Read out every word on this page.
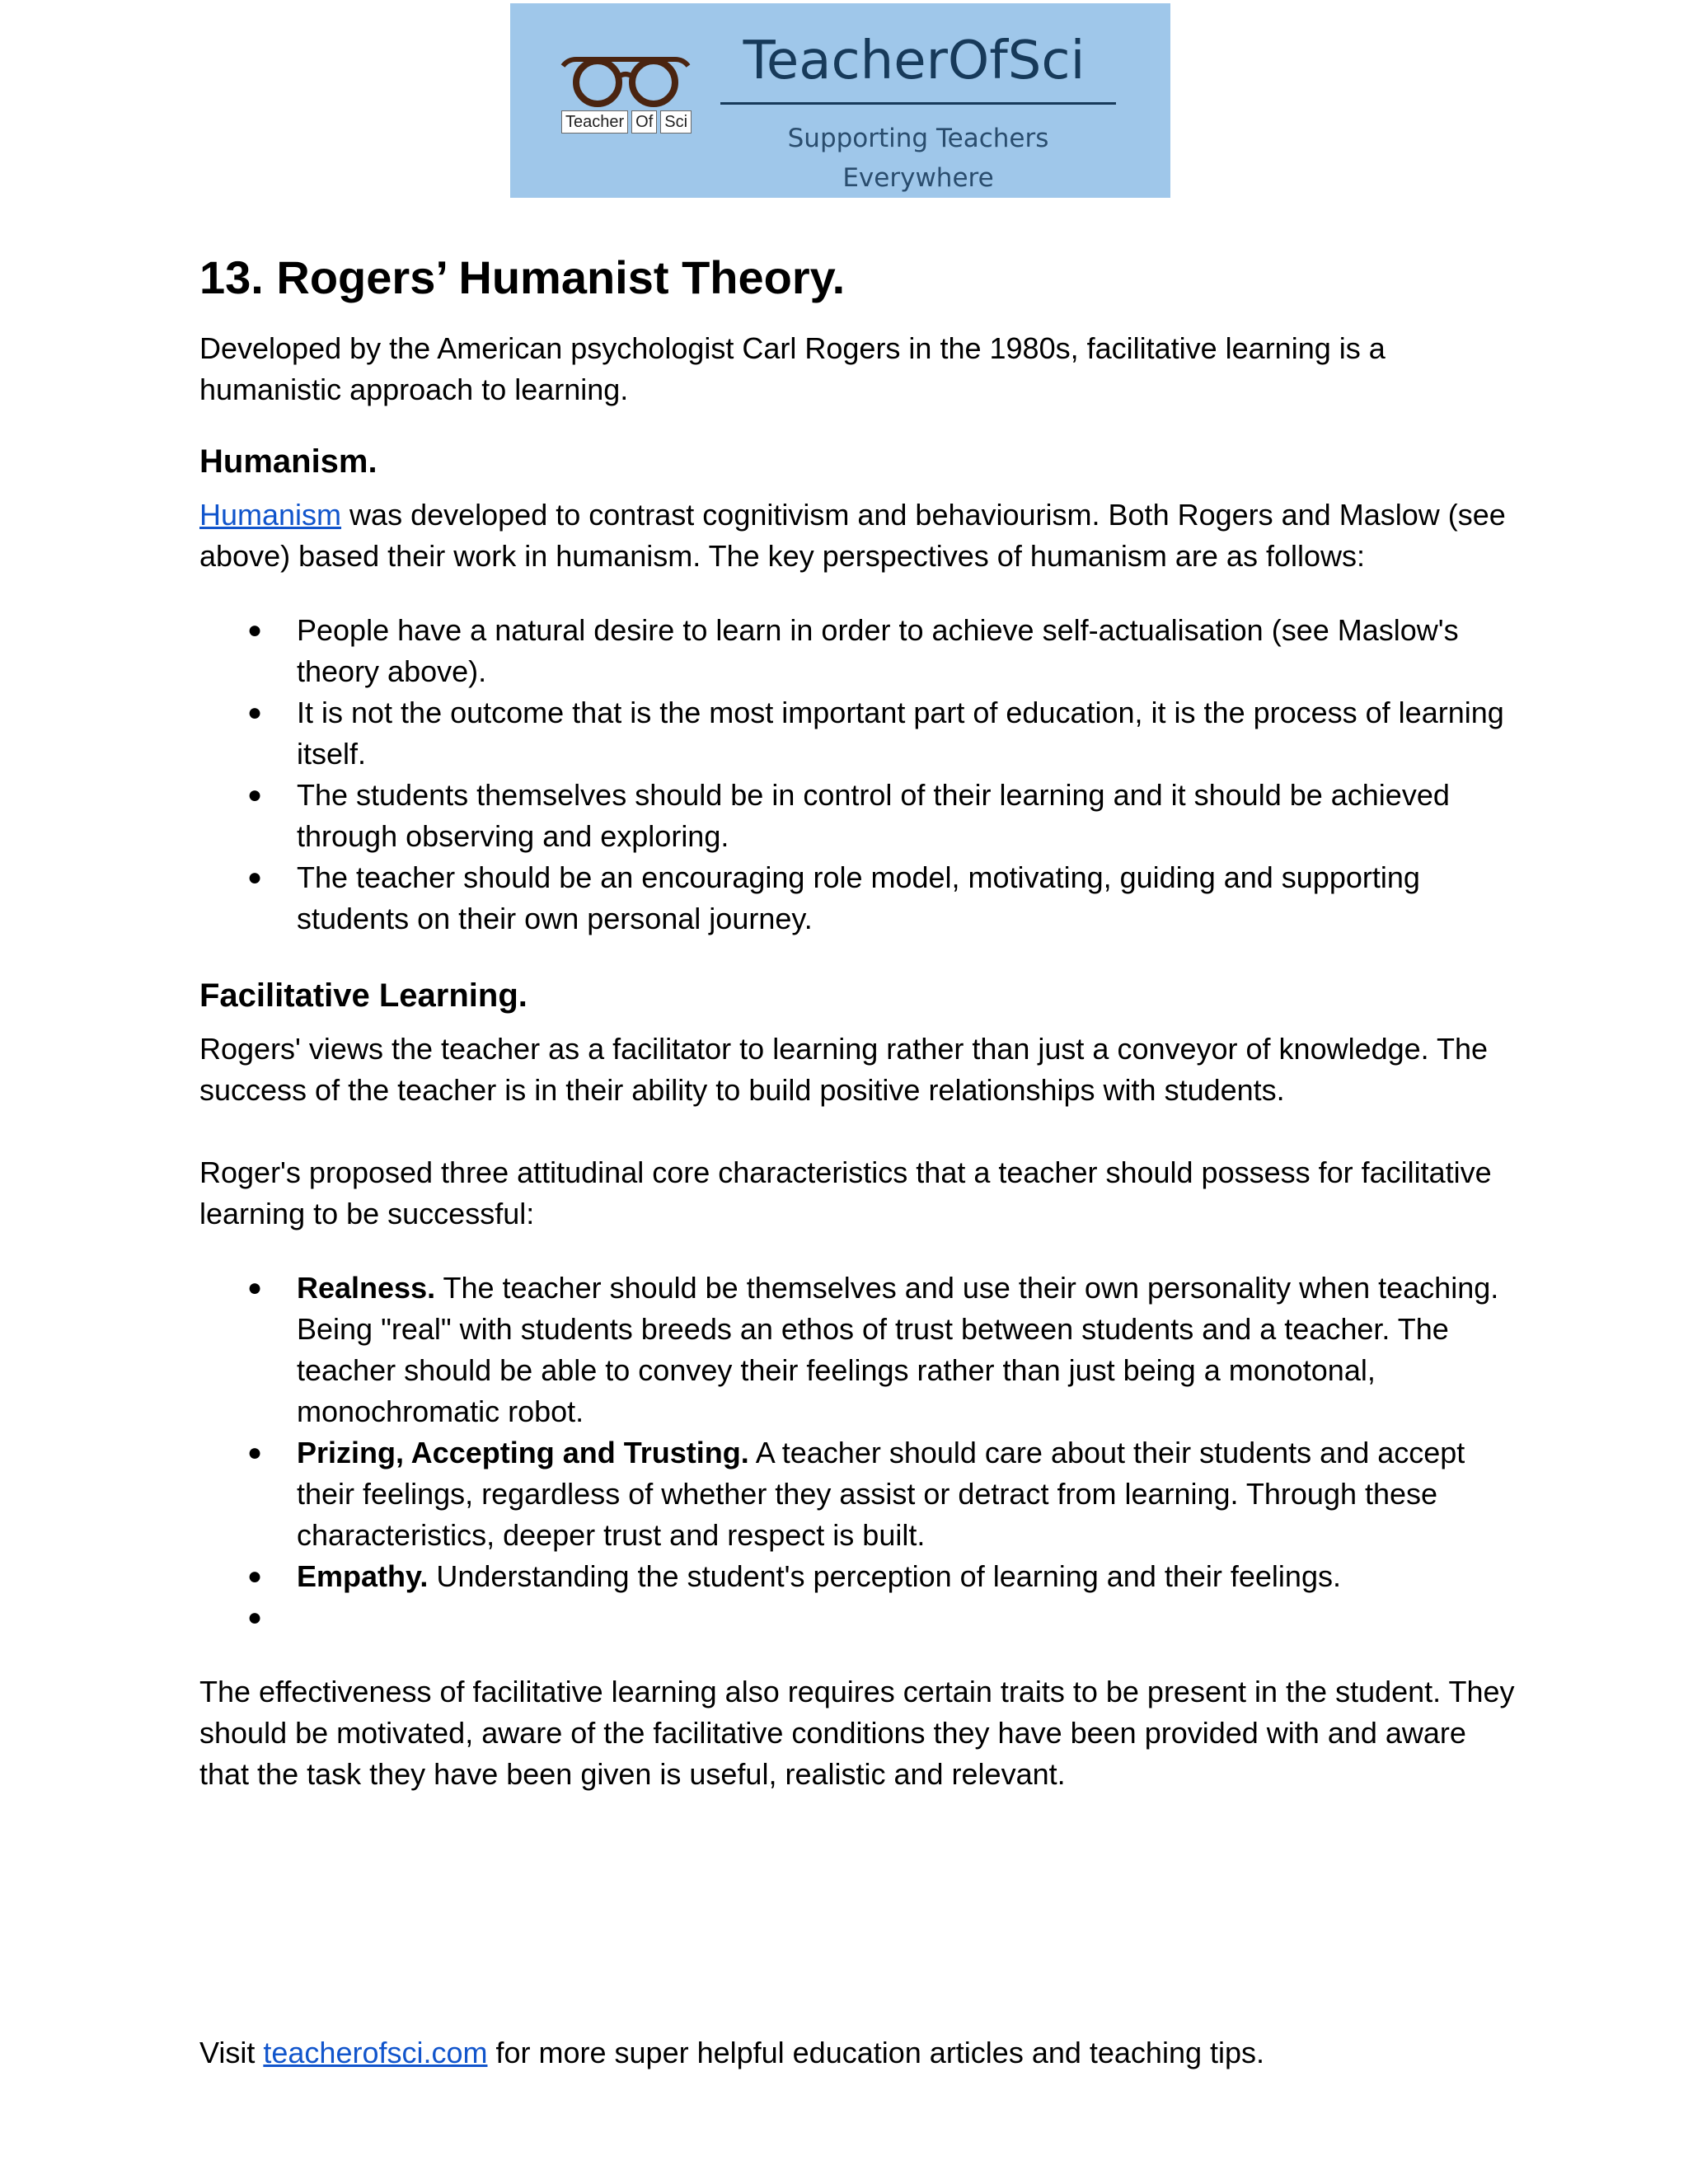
Teacher Of Sci
TeacherOfSci
Supporting Teachers Everywhere
13. Rogers’ Humanist Theory.

Developed by the American psychologist Carl Rogers in the 1980s, facilitative learning is a humanistic approach to learning.

Humanism.

Humanism was developed to contrast cognitivism and behaviourism. Both Rogers and Maslow (see above) based their work in humanism. The key perspectives of humanism are as follows:

● People have a natural desire to learn in order to achieve self-actualisation (see Maslow's theory above).
● It is not the outcome that is the most important part of education, it is the process of learning itself.
● The students themselves should be in control of their learning and it should be achieved through observing and exploring.
● The teacher should be an encouraging role model, motivating, guiding and supporting students on their own personal journey.
Facilitative Learning.

Rogers' views the teacher as a facilitator to learning rather than just a conveyor of knowledge. The success of the teacher is in their ability to build positive relationships with students.

Roger's proposed three attitudinal core characteristics that a teacher should possess for facilitative learning to be successful:

● Realness. The teacher should be themselves and use their own personality when teaching. Being "real" with students breeds an ethos of trust between students and a teacher. The teacher should be able to convey their feelings rather than just being a monotonal, monochromatic robot.
● Prizing, Accepting and Trusting. A teacher should care about their students and accept their feelings, regardless of whether they assist or detract from learning. Through these characteristics, deeper trust and respect is built.
● Empathy. Understanding the student's perception of learning and their feelings.
●

The effectiveness of facilitative learning also requires certain traits to be present in the student. They should be motivated, aware of the facilitative conditions they have been provided with and aware that the task they have been given is useful, realistic and relevant.

Visit teacherofsci.com for more super helpful education articles and teaching tips.
